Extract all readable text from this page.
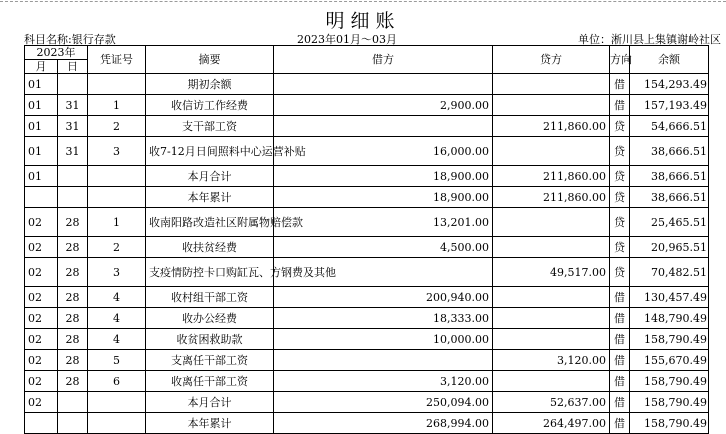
明细账
科目名称:银行存款	2023年01月～03月	单位：淅川县上集镇谢岭社区
2023年		凭证号	摘要	借方	贷方	方向	余额
月	日						
01			期初余额			借	154,293.49
01	31	1	收信访工作经费	2,900.00		借	157,193.49
01	31	2	支干部工资		211,860.00	贷	54,666.51
01	31	3	收7-12月日间照料中心运营补贴	16,000.00		贷	38,666.51
01			本月合计	18,900.00	211,860.00	贷	38,666.51
			本年累计	18,900.00	211,860.00	贷	38,666.51
02	28	1	收南阳路改造社区附属物赔偿款	13,201.00		贷	25,465.51
02	28	2	收扶贫经费	4,500.00		贷	20,965.51
02	28	3	支疫情防控卡口购缸瓦、方钢费及其他		49,517.00	贷	70,482.51
02	28	4	收村组干部工资	200,940.00		借	130,457.49
02	28	4	收办公经费	18,333.00		借	148,790.49
02	28	4	收贫困救助款	10,000.00		借	158,790.49
02	28	5	支离任干部工资		3,120.00	借	155,670.49
02	28	6	收离任干部工资	3,120.00		借	158,790.49
02			本月合计	250,094.00	52,637.00	借	158,790.49
			本年累计	268,994.00	264,497.00	借	158,790.49
